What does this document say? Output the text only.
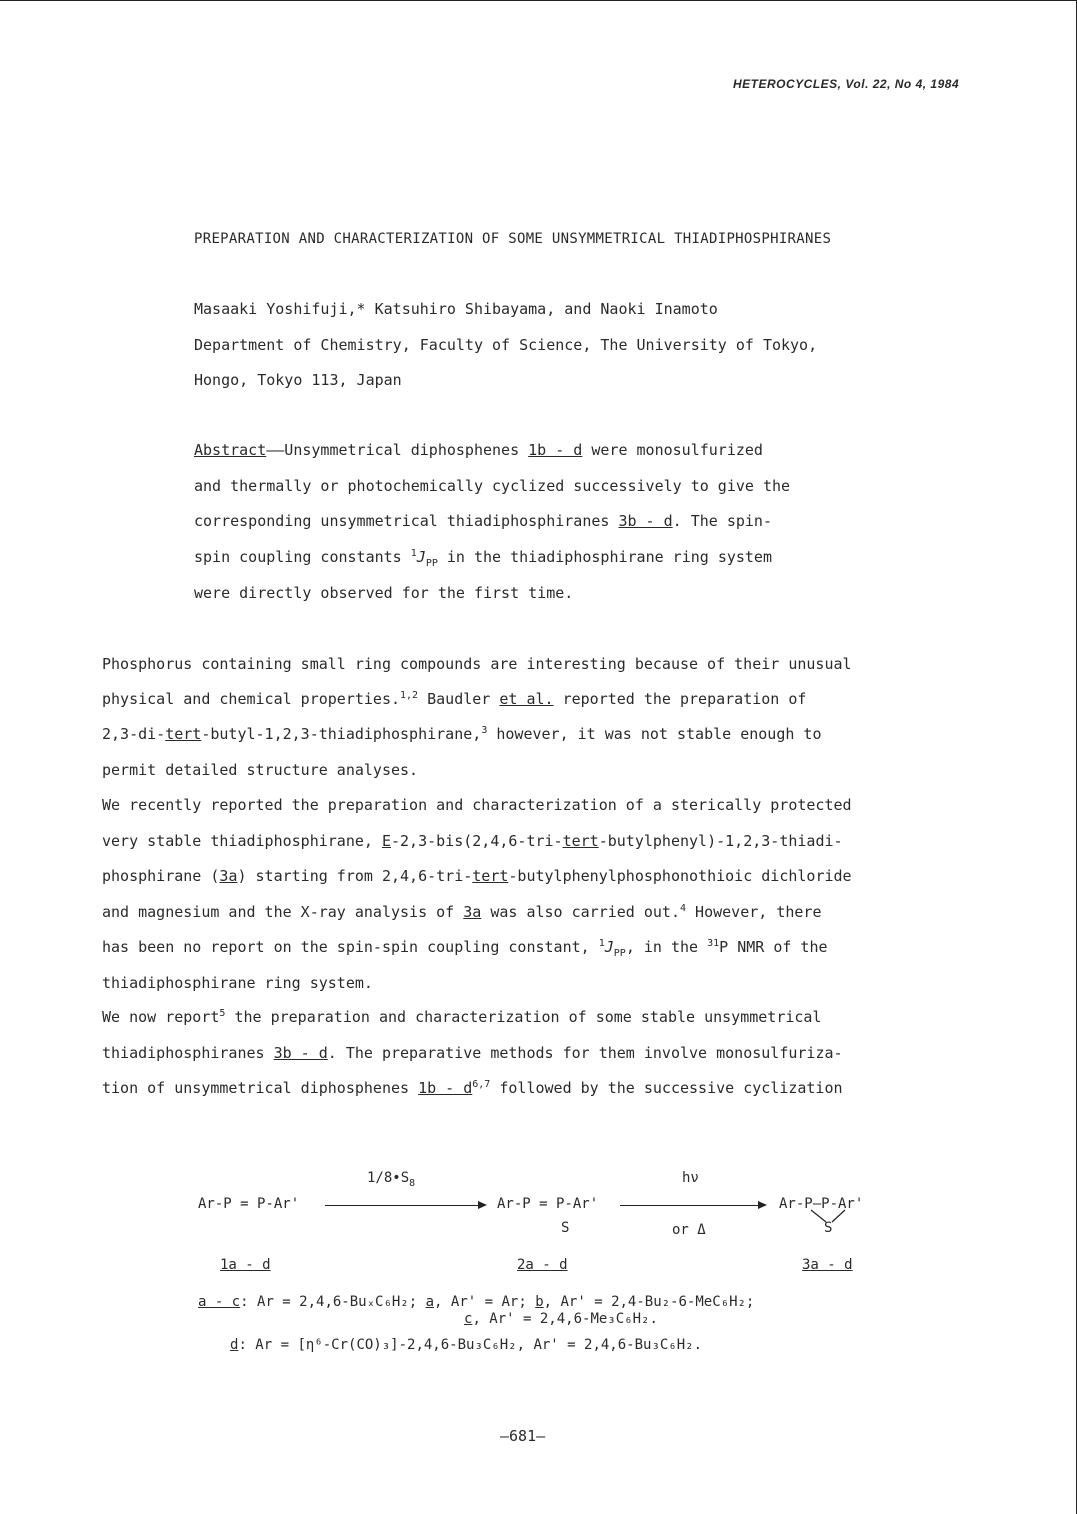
HETEROCYCLES, Vol. 22, No 4, 1984
PREPARATION AND CHARACTERIZATION OF SOME UNSYMMETRICAL THIADIPHOSPHIRANES
Masaaki Yoshifuji,* Katsuhiro Shibayama, and Naoki Inamoto
Department of Chemistry, Faculty of Science, The University of Tokyo,
Hongo, Tokyo 113, Japan
Abstract——Unsymmetrical diphosphenes 1b - d were monosulfurized
and thermally or photochemically cyclized successively to give the
corresponding unsymmetrical thiadiphosphiranes 3b - d. The spin-
spin coupling constants $^1J_{PP}$ in the thiadiphosphirane ring system
were directly observed for the first time.
Phosphorus containing small ring compounds are interesting because of their unusual
physical and chemical properties.$^{1,2}$ Baudler et al. reported the preparation of
2,3-di-tert-butyl-1,2,3-thiadiphosphirane,$^3$ however, it was not stable enough to
permit detailed structure analyses.
We recently reported the preparation and characterization of a sterically protected
very stable thiadiphosphirane, E-2,3-bis(2,4,6-tri-tert-butylphenyl)-1,2,3-thiadi-
phosphirane (3a) starting from 2,4,6-tri-tert-butylphenylphosphonothioic dichloride
and magnesium and the X-ray analysis of 3a was also carried out.$^4$ However, there
has been no report on the spin-spin coupling constant, $^1J_{PP}$, in the $^{31}$P NMR of the
thiadiphosphirane ring system.
We now report$^5$ the preparation and characterization of some stable unsymmetrical
thiadiphosphiranes 3b - d. The preparative methods for them involve monosulfuriza-
tion of unsymmetrical diphosphenes $1b - d^{6,7}$ followed by the successive cyclization
$1/8•S_8$	hν
Ar-P = P-Ar'	Ar-P = P-Ar'
S	or Δ
Ar-P—P-Ar'
S
1a - d	2a - d	3a - d
a - c: Ar = 2,4,6-BuₓC₆H₂; a, Ar' = Ar; b, Ar' = 2,4-Bu₂-6-MeC₆H₂;
c, Ar' = 2,4,6-Me₃C₆H₂.
d: Ar = [η⁶-Cr(CO)₃]-2,4,6-Bu₃C₆H₂, Ar' = 2,4,6-Bu₃C₆H₂.
—681—
